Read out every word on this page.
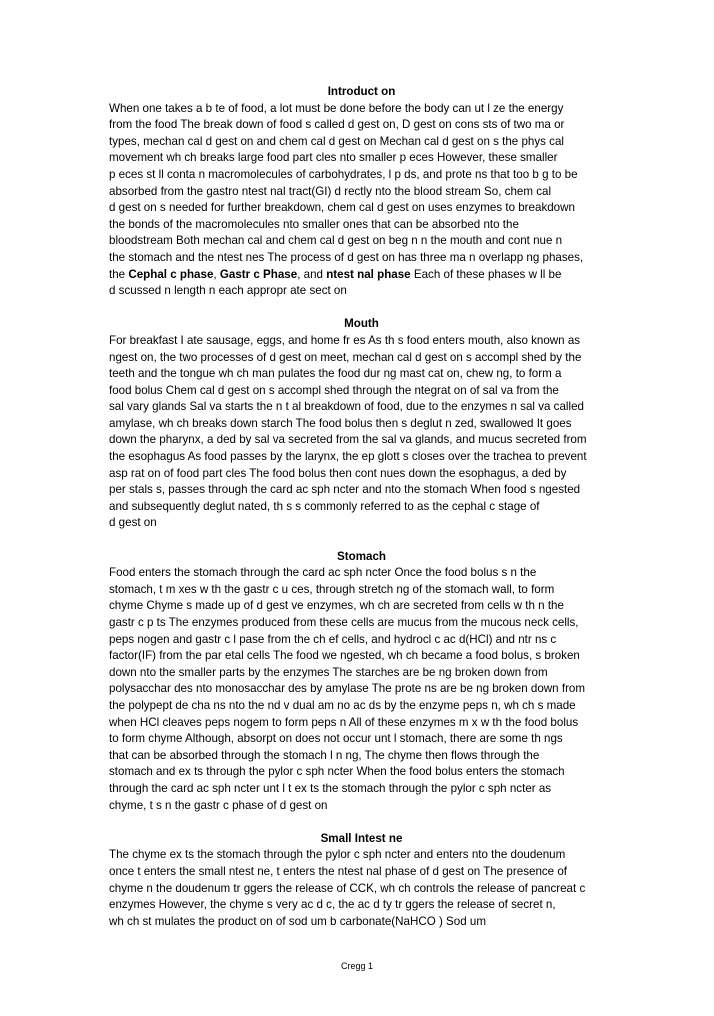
Introduct on
When one takes a b te of food, a lot must be done before the body can ut l ze the energy
from the food The break down of food s called d gest on, D gest on cons sts of two ma or
types, mechan cal d gest on and chem cal d gest on Mechan cal d gest on s the phys cal
movement wh ch breaks large food part cles nto smaller p eces However, these smaller
p eces st ll conta n macromolecules of carbohydrates, l p ds, and prote ns that too b g to be
absorbed from the gastro ntest nal tract(GI) d rectly nto the blood stream So, chem cal
d gest on s needed for further breakdown, chem cal d gest on uses enzymes to breakdown
the bonds of the macromolecules nto smaller ones that can be absorbed nto the
bloodstream Both mechan cal and chem cal d gest on beg n n the mouth and cont nue n
the stomach and the ntest nes The process of d gest on has three ma n overlapp ng phases,
the Cephal c phase, Gastr c Phase, and ntest nal phase Each of these phases w ll be
d scussed n length n each appropr ate sect on
Mouth
For breakfast I ate sausage, eggs, and home fr es As th s food enters mouth, also known as
ngest on, the two processes of d gest on meet, mechan cal d gest on s accompl shed by the
teeth and the tongue wh ch man pulates the food dur ng mast cat on, chew ng, to form a
food bolus Chem cal d gest on s accompl shed through the ntegrat on of sal va from the
sal vary glands Sal va starts the n t al breakdown of food, due to the enzymes n sal va called
amylase, wh ch breaks down starch The food bolus then s deglut n zed, swallowed It goes
down the pharynx, a ded by sal va secreted from the sal va glands, and mucus secreted from
the esophagus As food passes by the larynx, the ep glott s closes over the trachea to prevent
asp rat on of food part cles The food bolus then cont nues down the esophagus, a ded by
per stals s, passes through the card ac sph ncter and nto the stomach When food s ngested
and subsequently deglut nated, th s s commonly referred to as the cephal c stage of
d gest on
Stomach
Food enters the stomach through the card ac sph ncter Once the food bolus s n the
stomach, t m xes w th the gastr c u ces, through stretch ng of the stomach wall, to form
chyme Chyme s made up of d gest ve enzymes, wh ch are secreted from cells w th n the
gastr c p ts The enzymes produced from these cells are mucus from the mucous neck cells,
peps nogen and gastr c l pase from the ch ef cells, and hydrocl c ac d(HCl) and ntr ns c
factor(IF) from the par etal cells The food we ngested, wh ch became a food bolus, s broken
down nto the smaller parts by the enzymes The starches are be ng broken down from
polysacchar des nto monosacchar des by amylase The prote ns are be ng broken down from
the polypept de cha ns nto the nd v dual am no ac ds by the enzyme peps n, wh ch s made
when HCl cleaves peps nogem to form peps n All of these enzymes m x w th the food bolus
to form chyme Although, absorpt on does not occur unt l stomach, there are some th ngs
that can be absorbed through the stomach l n ng, The chyme then flows through the
stomach and ex ts through the pylor c sph ncter When the food bolus enters the stomach
through the card ac sph ncter unt l t ex ts the stomach through the pylor c sph ncter as
chyme, t s n the gastr c phase of d gest on
Small Intest ne
The chyme ex ts the stomach through the pylor c sph ncter and enters nto the doudenum
once t enters the small ntest ne, t enters the ntest nal phase of d gest on The presence of
chyme n the doudenum tr ggers the release of CCK, wh ch controls the release of pancreat c
enzymes However, the chyme s very ac d c, the ac d ty tr ggers the release of secret n,
wh ch st mulates the product on of sod um b carbonate(NaHCO ) Sod um
Cregg 1
